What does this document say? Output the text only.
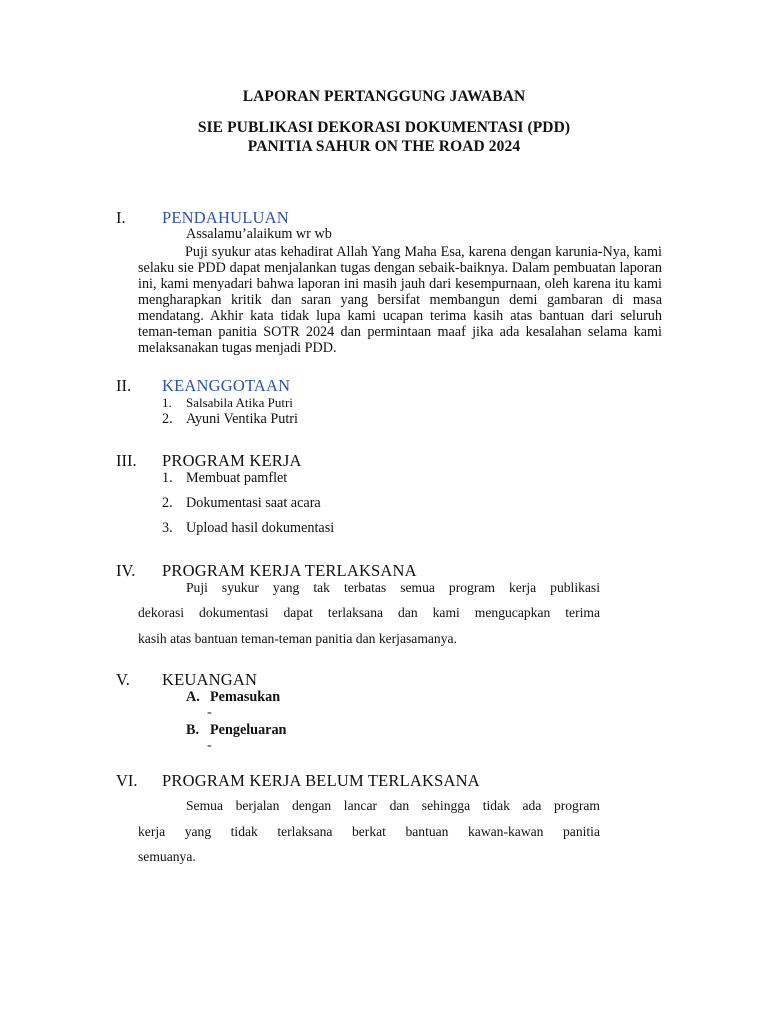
LAPORAN PERTANGGUNG JAWABAN
SIE PUBLIKASI DEKORASI DOKUMENTASI (PDD)
PANITIA SAHUR ON THE ROAD 2024
I. PENDAHULUAN
Assalamu’alaikum wr wb
Puji syukur atas kehadirat Allah Yang Maha Esa, karena dengan karunia-Nya, kami selaku sie PDD dapat menjalankan tugas dengan sebaik-baiknya. Dalam pembuatan laporan ini, kami menyadari bahwa laporan ini masih jauh dari kesempurnaan, oleh karena itu kami mengharapkan kritik dan saran yang bersifat membangun demi gambaran di masa mendatang. Akhir kata tidak lupa kami ucapan terima kasih atas bantuan dari seluruh teman-teman panitia SOTR 2024 dan permintaan maaf jika ada kesalahan selama kami melaksanakan tugas menjadi PDD.
II. KEANGGOTAAN
1. Salsabila Atika Putri
2. Ayuni Ventika Putri
III. PROGRAM KERJA
1. Membuat pamflet
2. Dokumentasi saat acara
3. Upload hasil dokumentasi
IV. PROGRAM KERJA TERLAKSANA
Puji syukur yang tak terbatas semua program kerja publikasi
dekorasi dokumentasi dapat terlaksana dan kami mengucapkan terima
kasih atas bantuan teman-teman panitia dan kerjasamanya.
V. KEUANGAN
A. Pemasukan
-
B. Pengeluaran
-
VI. PROGRAM KERJA BELUM TERLAKSANA
Semua berjalan dengan lancar dan sehingga tidak ada program
kerja yang tidak terlaksana berkat bantuan kawan-kawan panitia
semuanya.
